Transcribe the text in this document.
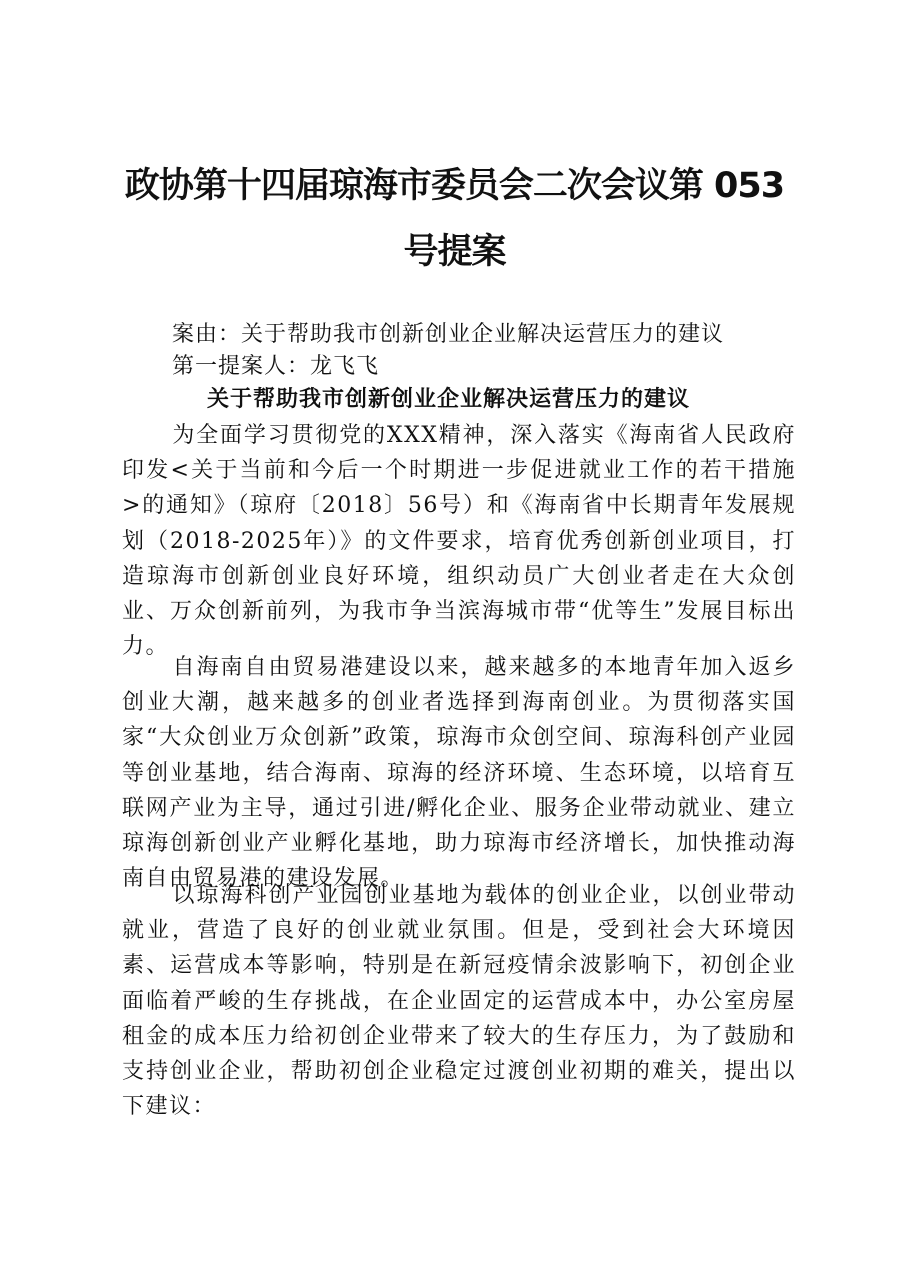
政协第十四届琼海市委员会二次会议第 053
号提案

案由：关于帮助我市创新创业企业解决运营压力的建议

第一提案人：龙飞飞

关于帮助我市创新创业企业解决运营压力的建议

为全面学习贯彻党的XXX精神，深入落实《海南省人民政府印发<关于当前和今后一个时期进一步促进就业工作的若干措施>的通知》（琼府〔2018〕56号）和《海南省中长期青年发展规划（2018-2025年）》的文件要求，培育优秀创新创业项目，打造琼海市创新创业良好环境，组织动员广大创业者走在大众创业、万众创新前列，为我市争当滨海城市带“优等生”发展目标出力。

自海南自由贸易港建设以来，越来越多的本地青年加入返乡创业大潮，越来越多的创业者选择到海南创业。为贯彻落实国家“大众创业万众创新”政策，琼海市众创空间、琼海科创产业园等创业基地，结合海南、琼海的经济环境、生态环境，以培育互联网产业为主导，通过引进/孵化企业、服务企业带动就业、建立琼海创新创业产业孵化基地，助力琼海市经济增长，加快推动海南自由贸易港的建设发展。

以琼海科创产业园创业基地为载体的创业企业，以创业带动就业，营造了良好的创业就业氛围。但是，受到社会大环境因素、运营成本等影响，特别是在新冠疫情余波影响下，初创企业面临着严峻的生存挑战，在企业固定的运营成本中，办公室房屋租金的成本压力给初创企业带来了较大的生存压力，为了鼓励和支持创业企业，帮助初创企业稳定过渡创业初期的难关，提出以下建议：
